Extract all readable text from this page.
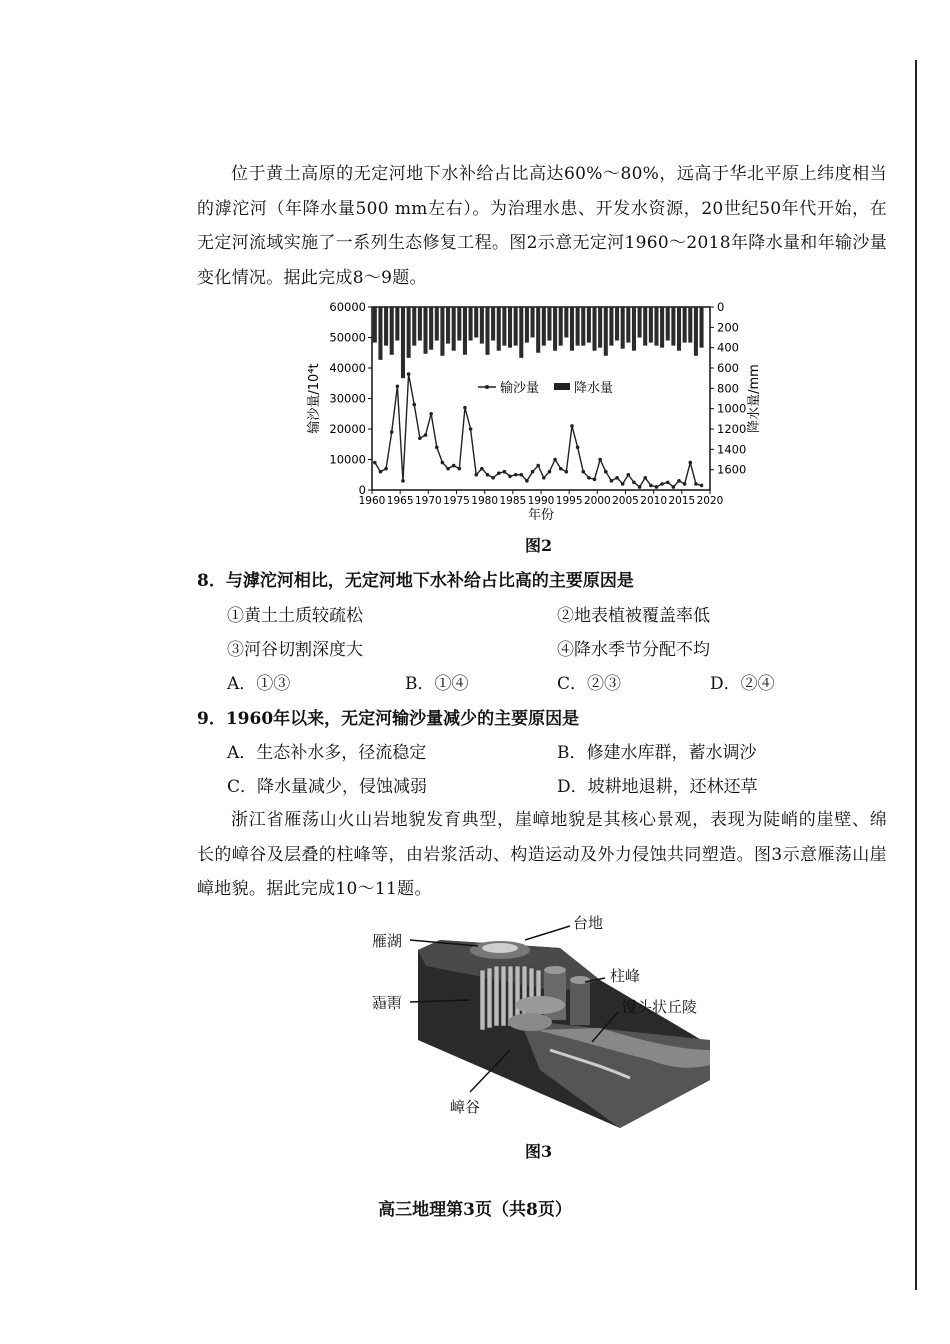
位于黄土高原的无定河地下水补给占比高达60%～80%，远高于华北平原上纬度相当的滹沱河（年降水量500 mm左右）。为治理水患、开发水资源，20世纪50年代开始，在无定河流域实施了一系列生态修复工程。图2示意无定河1960～2018年降水量和年输沙量变化情况。据此完成8～9题。

1960 1965 1970 1975 1980 1985 1990 1995 2000 2005 2010 2015 2020
0
10000
20000
30000
40000
50000
60000	0
200
400
600
800
1000
1200
1400
1600
年份
输沙量/10⁴t	降水量/mm
输沙量	降水量
图2

8．与滹沱河相比，无定河地下水补给占比高的主要原因是

①黄土土质较疏松	②地表植被覆盖率低
③河谷切割深度大	④降水季节分配不均
A．①③	B．①④	C．②③	D．②④

9．1960年以来，无定河输沙量减少的主要原因是

A．生态补水多，径流稳定	B．修建水库群，蓄水调沙
C．降水量减少，侵蚀减弱	D．坡耕地退耕，还林还草

浙江省雁荡山火山岩地貌发育典型，崖嶂地貌是其核心景观，表现为陡峭的崖壁、绵长的嶂谷及层叠的柱峰等，由岩浆活动、构造运动及外力侵蚀共同塑造。图3示意雁荡山崖嶂地貌。据此完成10～11题。

雁湖
台地
柱峰
馒头状丘陵
崖壁
嶂谷
图3
高三地理第3页（共8页）
